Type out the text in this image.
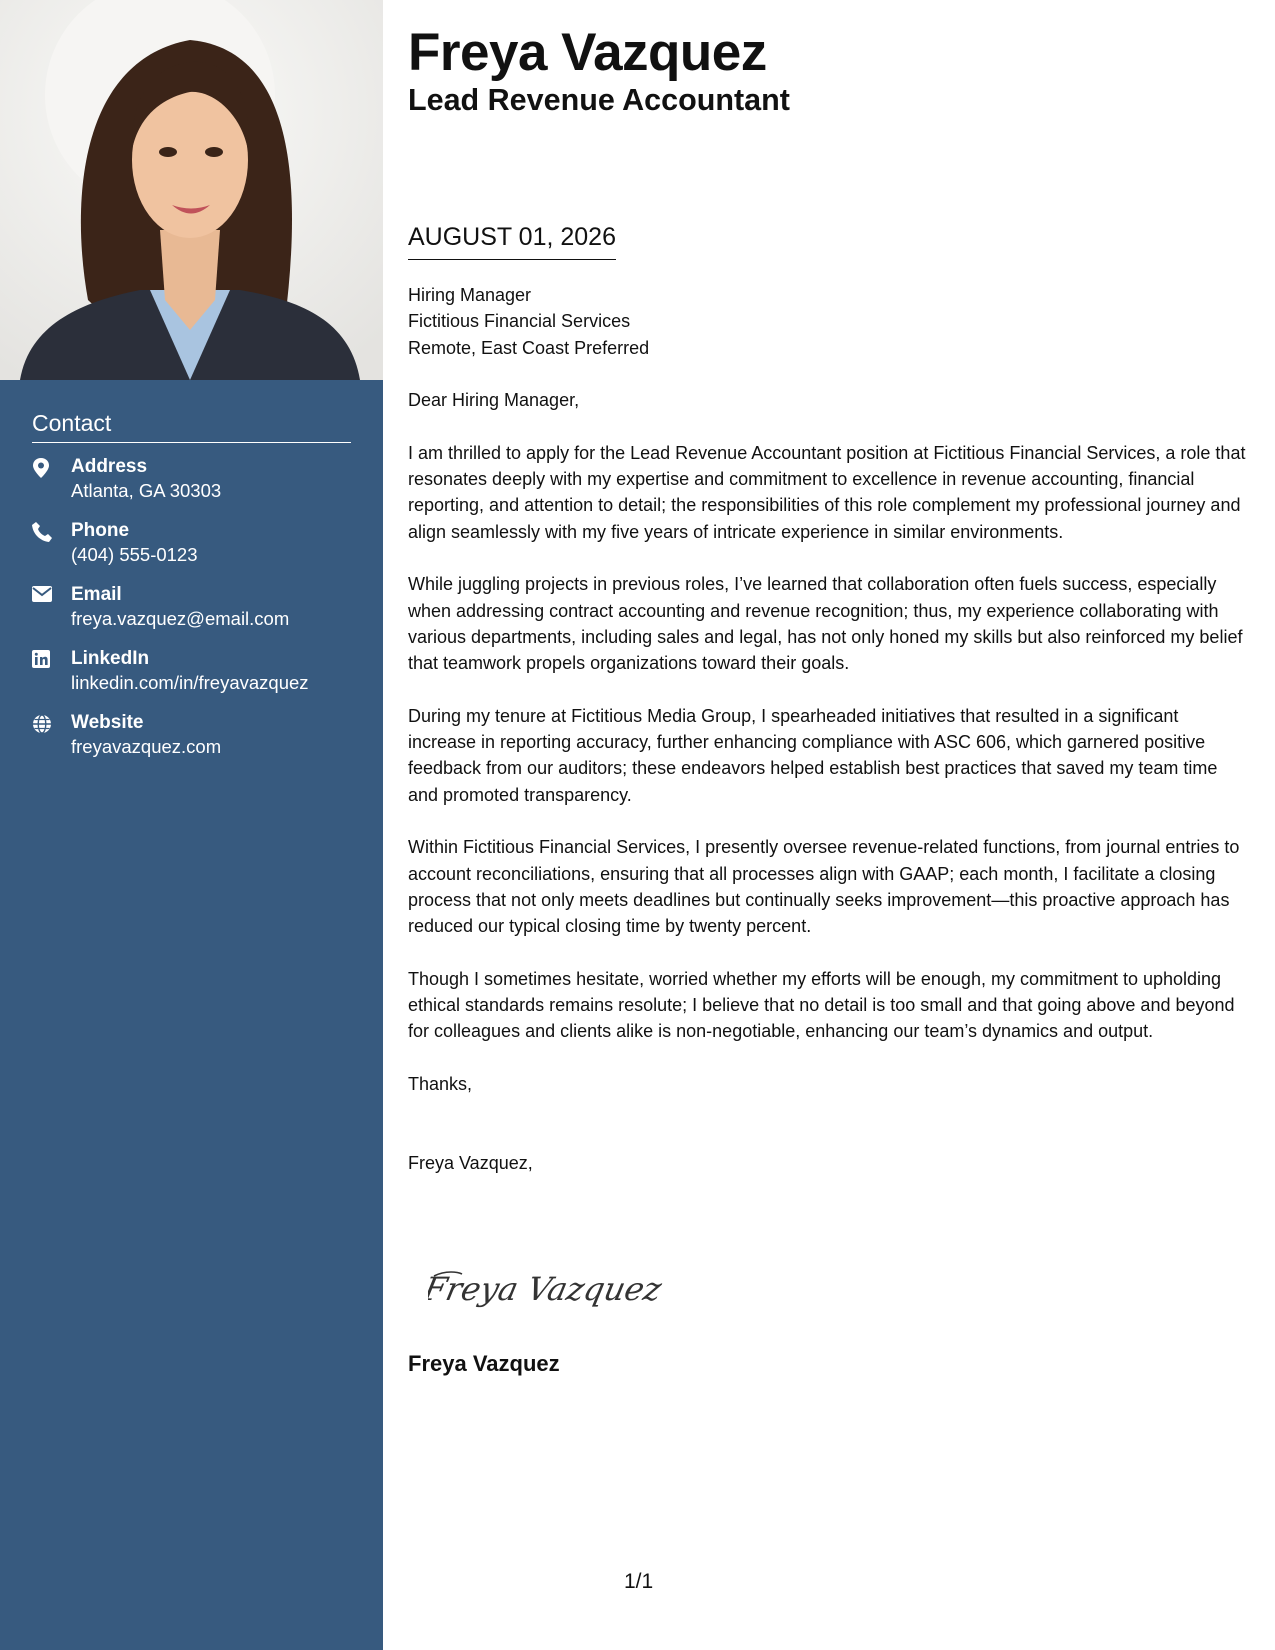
Contact
Address
Atlanta, GA 30303
Phone
(404) 555-0123
Email
freya.vazquez@email.com
LinkedIn
linkedin.com/in/freyavazquez
Website
freyavazquez.com
Freya Vazquez
Lead Revenue Accountant
AUGUST 01, 2026

Hiring Manager

Fictitious Financial Services

Remote, East Coast Preferred

Dear Hiring Manager,

I am thrilled to apply for the Lead Revenue Accountant position at Fictitious Financial Services, a role that resonates deeply with my expertise and commitment to excellence in revenue accounting, financial reporting, and attention to detail; the responsibilities of this role complement my professional journey and align seamlessly with my five years of intricate experience in similar environments.

While juggling projects in previous roles, I’ve learned that collaboration often fuels success, especially when addressing contract accounting and revenue recognition; thus, my experience collaborating with various departments, including sales and legal, has not only honed my skills but also reinforced my belief that teamwork propels organizations toward their goals.

During my tenure at Fictitious Media Group, I spearheaded initiatives that resulted in a significant increase in reporting accuracy, further enhancing compliance with ASC 606, which garnered positive feedback from our auditors; these endeavors helped establish best practices that saved my team time and promoted transparency.

Within Fictitious Financial Services, I presently oversee revenue-related functions, from journal entries to account reconciliations, ensuring that all processes align with GAAP; each month, I facilitate a closing process that not only meets deadlines but continually seeks improvement—this proactive approach has reduced our typical closing time by twenty percent.

Though I sometimes hesitate, worried whether my efforts will be enough, my commitment to upholding ethical standards remains resolute; I believe that no detail is too small and that going above and beyond for colleagues and clients alike is non-negotiable, enhancing our team’s dynamics and output.

Thanks,

Freya Vazquez,

Freya Vazquez
Freya Vazquez
1/1
